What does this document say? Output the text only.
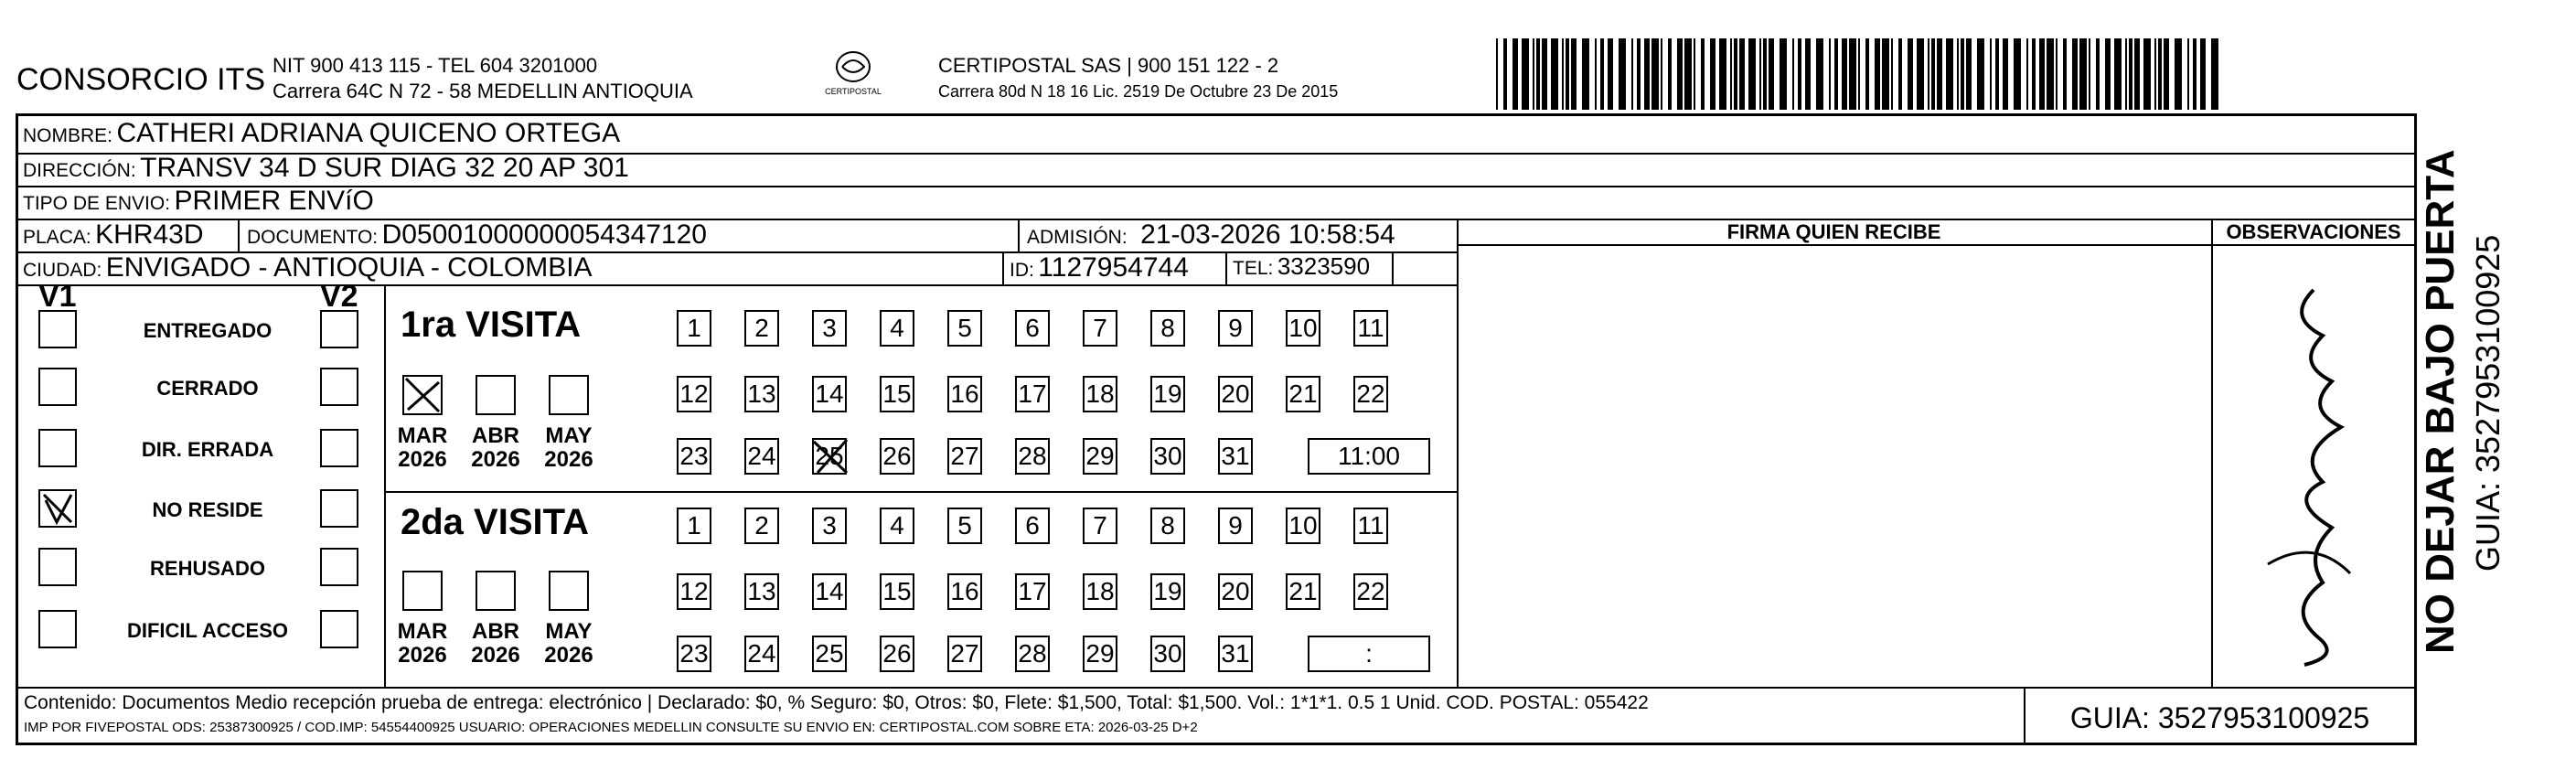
CONSORCIO ITS NIT 900 413 115 - TEL 604 3201000
Carrera 64C N 72 - 58 MEDELLIN ANTIOQUIA	CERTIPOSTAL
CERTIPOSTAL SAS | 900 151 122 - 2
Carrera 80d N 18 16 Lic. 2519 De Octubre 23 De 2015
NOMBRE: CATHERI ADRIANA QUICENO ORTEGA
DIRECCIÓN: TRANSV 34 D SUR DIAG 32 20 AP 301
TIPO DE ENVIO: PRIMER ENVíO
PLACA: KHR43D DOCUMENTO: D05001000000054347120	ADMISIÓN: 21-03-2026 10:58:54
CIUDAD: ENVIGADO - ANTIOQUIA - COLOMBIA	ID: 1127954744 TEL: 3323590
FIRMA QUIEN RECIBE	OBSERVACIONES
V1	V2
ENTREGADO
CERRADO
DIR. ERRADA
NO RESIDE
REHUSADO
DIFICIL ACCESO
1ra VISITA
MAR
2026
ABR
2026
MAY
2026
1	2	3	4	5	6	7	8	9	10 11
12 13 14 15 16 17 18 19 20 21 22
23 24 25 26 27 28 29 30 31	11:00
2da VISITA
MAR
2026
ABR
2026
MAY
2026
1	2	3	4	5	6	7	8	9	10 11
12 13 14 15 16 17 18 19 20 21 22
23 24 25 26 27 28 29 30 31	:
Contenido: Documentos Medio recepción prueba de entrega: electrónico | Declarado: $0, % Seguro: $0, Otros: $0, Flete: $1,500, Total: $1,500. Vol.: 1*1*1. 0.5 1 Unid. COD. POSTAL: 055422
IMP POR FIVEPOSTAL ODS: 25387300925 / COD.IMP: 54554400925 USUARIO: OPERACIONES MEDELLIN CONSULTE SU ENVIO EN: CERTIPOSTAL.COM SOBRE ETA: 2026-03-25 D+2	GUIA: 3527953100925
NO DEJAR BAJO PUERTA GUIA: 3527953100925
